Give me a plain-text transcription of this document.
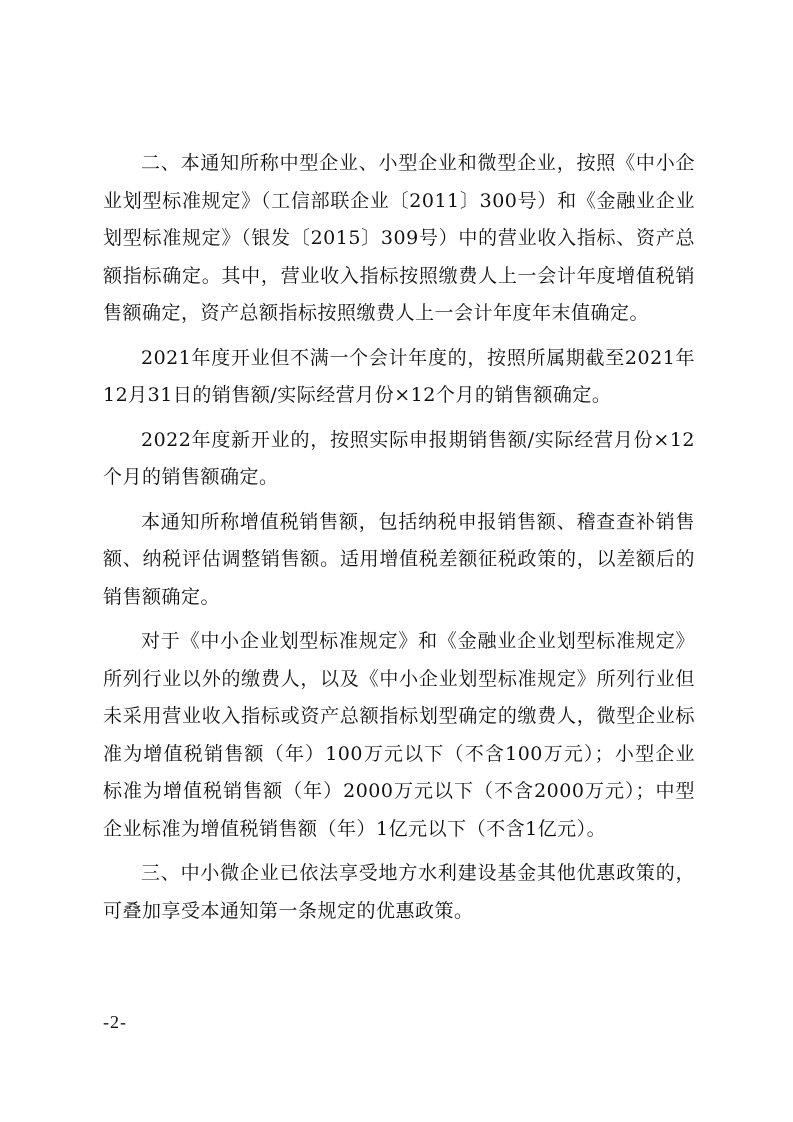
二、本通知所称中型企业、小型企业和微型企业，按照《中小企业划型标准规定》（工信部联企业〔2011〕300号）和《金融业企业划型标准规定》（银发〔2015〕309号）中的营业收入指标、资产总额指标确定。其中，营业收入指标按照缴费人上一会计年度增值税销售额确定，资产总额指标按照缴费人上一会计年度年末值确定。

2021年度开业但不满一个会计年度的，按照所属期截至2021年12月31日的销售额/实际经营月份×12个月的销售额确定。

2022年度新开业的，按照实际申报期销售额/实际经营月份×12个月的销售额确定。

本通知所称增值税销售额，包括纳税申报销售额、稽查查补销售额、纳税评估调整销售额。适用增值税差额征税政策的，以差额后的销售额确定。

对于《中小企业划型标准规定》和《金融业企业划型标准规定》所列行业以外的缴费人，以及《中小企业划型标准规定》所列行业但未采用营业收入指标或资产总额指标划型确定的缴费人，微型企业标准为增值税销售额（年）100万元以下（不含100万元）；小型企业标准为增值税销售额（年）2000万元以下（不含2000万元）；中型企业标准为增值税销售额（年）1亿元以下（不含1亿元）。

三、中小微企业已依法享受地方水利建设基金其他优惠政策的，可叠加享受本通知第一条规定的优惠政策。

-2-
